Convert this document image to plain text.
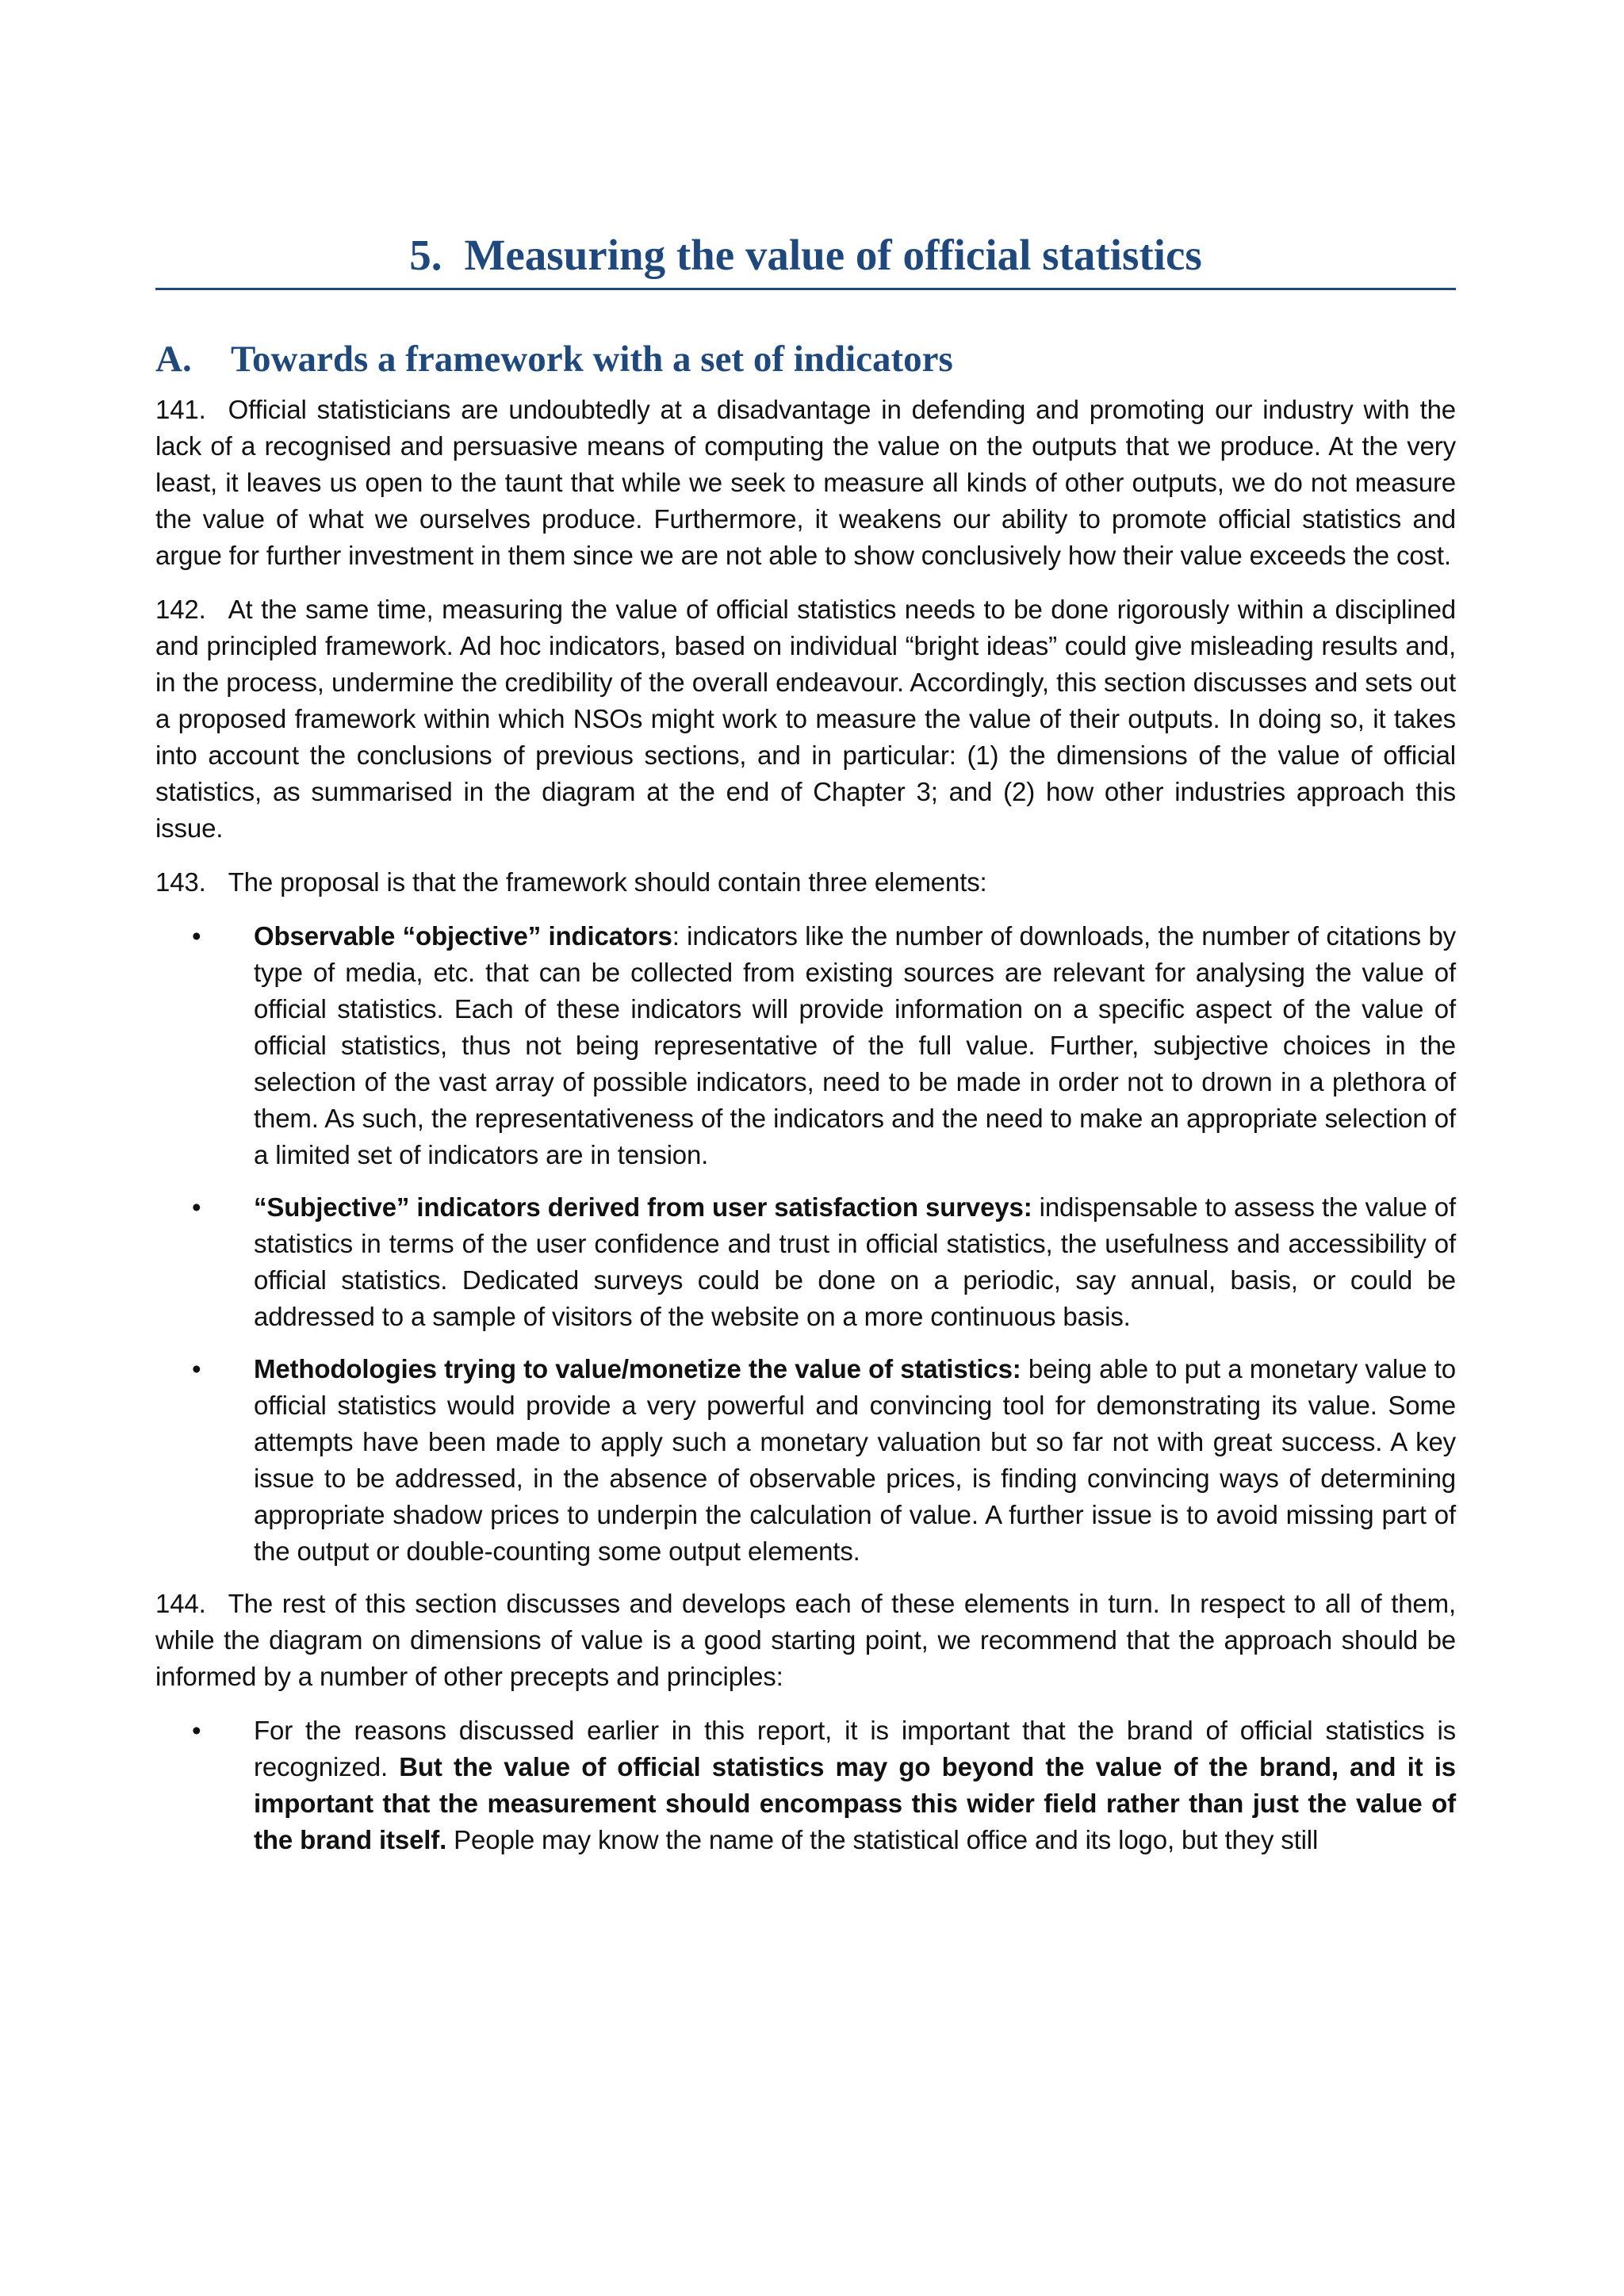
5. Measuring the value of official statistics
A. Towards a framework with a set of indicators

141. Official statisticians are undoubtedly at a disadvantage in defending and promoting our industry with the lack of a recognised and persuasive means of computing the value on the outputs that we produce. At the very least, it leaves us open to the taunt that while we seek to measure all kinds of other outputs, we do not measure the value of what we ourselves produce. Furthermore, it weakens our ability to promote official statistics and argue for further investment in them since we are not able to show conclusively how their value exceeds the cost.

142. At the same time, measuring the value of official statistics needs to be done rigorously within a disciplined and principled framework. Ad hoc indicators, based on individual “bright ideas” could give misleading results and, in the process, undermine the credibility of the overall endeavour. Accordingly, this section discusses and sets out a proposed framework within which NSOs might work to measure the value of their outputs. In doing so, it takes into account the conclusions of previous sections, and in particular: (1) the dimensions of the value of official statistics, as summarised in the diagram at the end of Chapter 3; and (2) how other industries approach this issue.

143. The proposal is that the framework should contain three elements:

• Observable “objective” indicators: indicators like the number of downloads, the number of citations by type of media, etc. that can be collected from existing sources are relevant for analysing the value of official statistics. Each of these indicators will provide information on a specific aspect of the value of official statistics, thus not being representative of the full value. Further, subjective choices in the selection of the vast array of possible indicators, need to be made in order not to drown in a plethora of them. As such, the representativeness of the indicators and the need to make an appropriate selection of a limited set of indicators are in tension.
• “Subjective” indicators derived from user satisfaction surveys: indispensable to assess the value of statistics in terms of the user confidence and trust in official statistics, the usefulness and accessibility of official statistics. Dedicated surveys could be done on a periodic, say annual, basis, or could be addressed to a sample of visitors of the website on a more continuous basis.
• Methodologies trying to value/monetize the value of statistics: being able to put a monetary value to official statistics would provide a very powerful and convincing tool for demonstrating its value. Some attempts have been made to apply such a monetary valuation but so far not with great success. A key issue to be addressed, in the absence of observable prices, is finding convincing ways of determining appropriate shadow prices to underpin the calculation of value. A further issue is to avoid missing part of the output or double-counting some output elements.

144. The rest of this section discusses and develops each of these elements in turn. In respect to all of them, while the diagram on dimensions of value is a good starting point, we recommend that the approach should be informed by a number of other precepts and principles:

• For the reasons discussed earlier in this report, it is important that the brand of official statistics is recognized. But the value of official statistics may go beyond the value of the brand, and it is important that the measurement should encompass this wider field rather than just the value of the brand itself. People may know the name of the statistical office and its logo, but they still
